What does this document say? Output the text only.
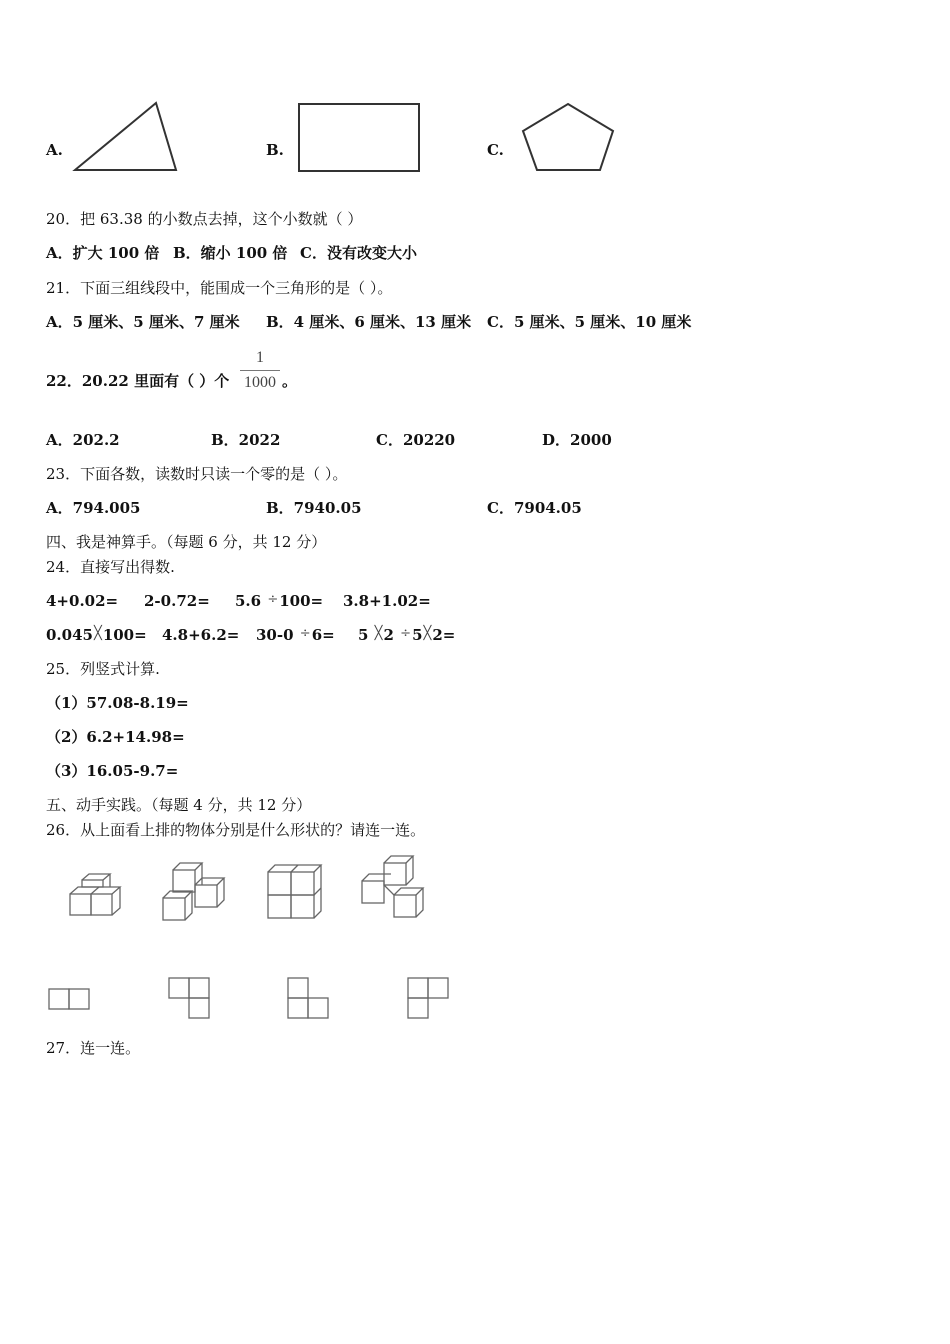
A.	B.	C.
20．把 63.38 的小数点去掉，这个小数就（ ）
A．扩大 100 倍 B．缩小 100 倍 C．没有改变大小
21．下面三组线段中，能围成一个三角形的是（ ）。
A．5 厘米、5 厘米、7 厘米 B．4 厘米、6 厘米、13 厘米 C．5 厘米、5 厘米、10 厘米
22．20.22 里面有（ ）个 $\frac{1}{1000}$ 。
A．202.2	B．2022	C．20220	D．2000
23．下面各数，读数时只读一个零的是（ ）。
A．794.005	B．7940.05	C．7904.05
四、我是神算手。（每题 6 分，共 12 分）
24．直接写出得数.
4+0.02= 2-0.72= 5.6 ÷100= 3.8+1.02=
0.045╳100= 4.8+6.2= 30-0 ÷6= 5 ╳2 ÷5╳2=
25．列竖式计算.
（1）57.08-8.19=
（2）6.2+14.98=
（3）16.05-9.7=
五、动手实践。（每题 4 分，共 12 分）
26．从上面看上排的物体分别是什么形状的？请连一连。
27．连一连。
